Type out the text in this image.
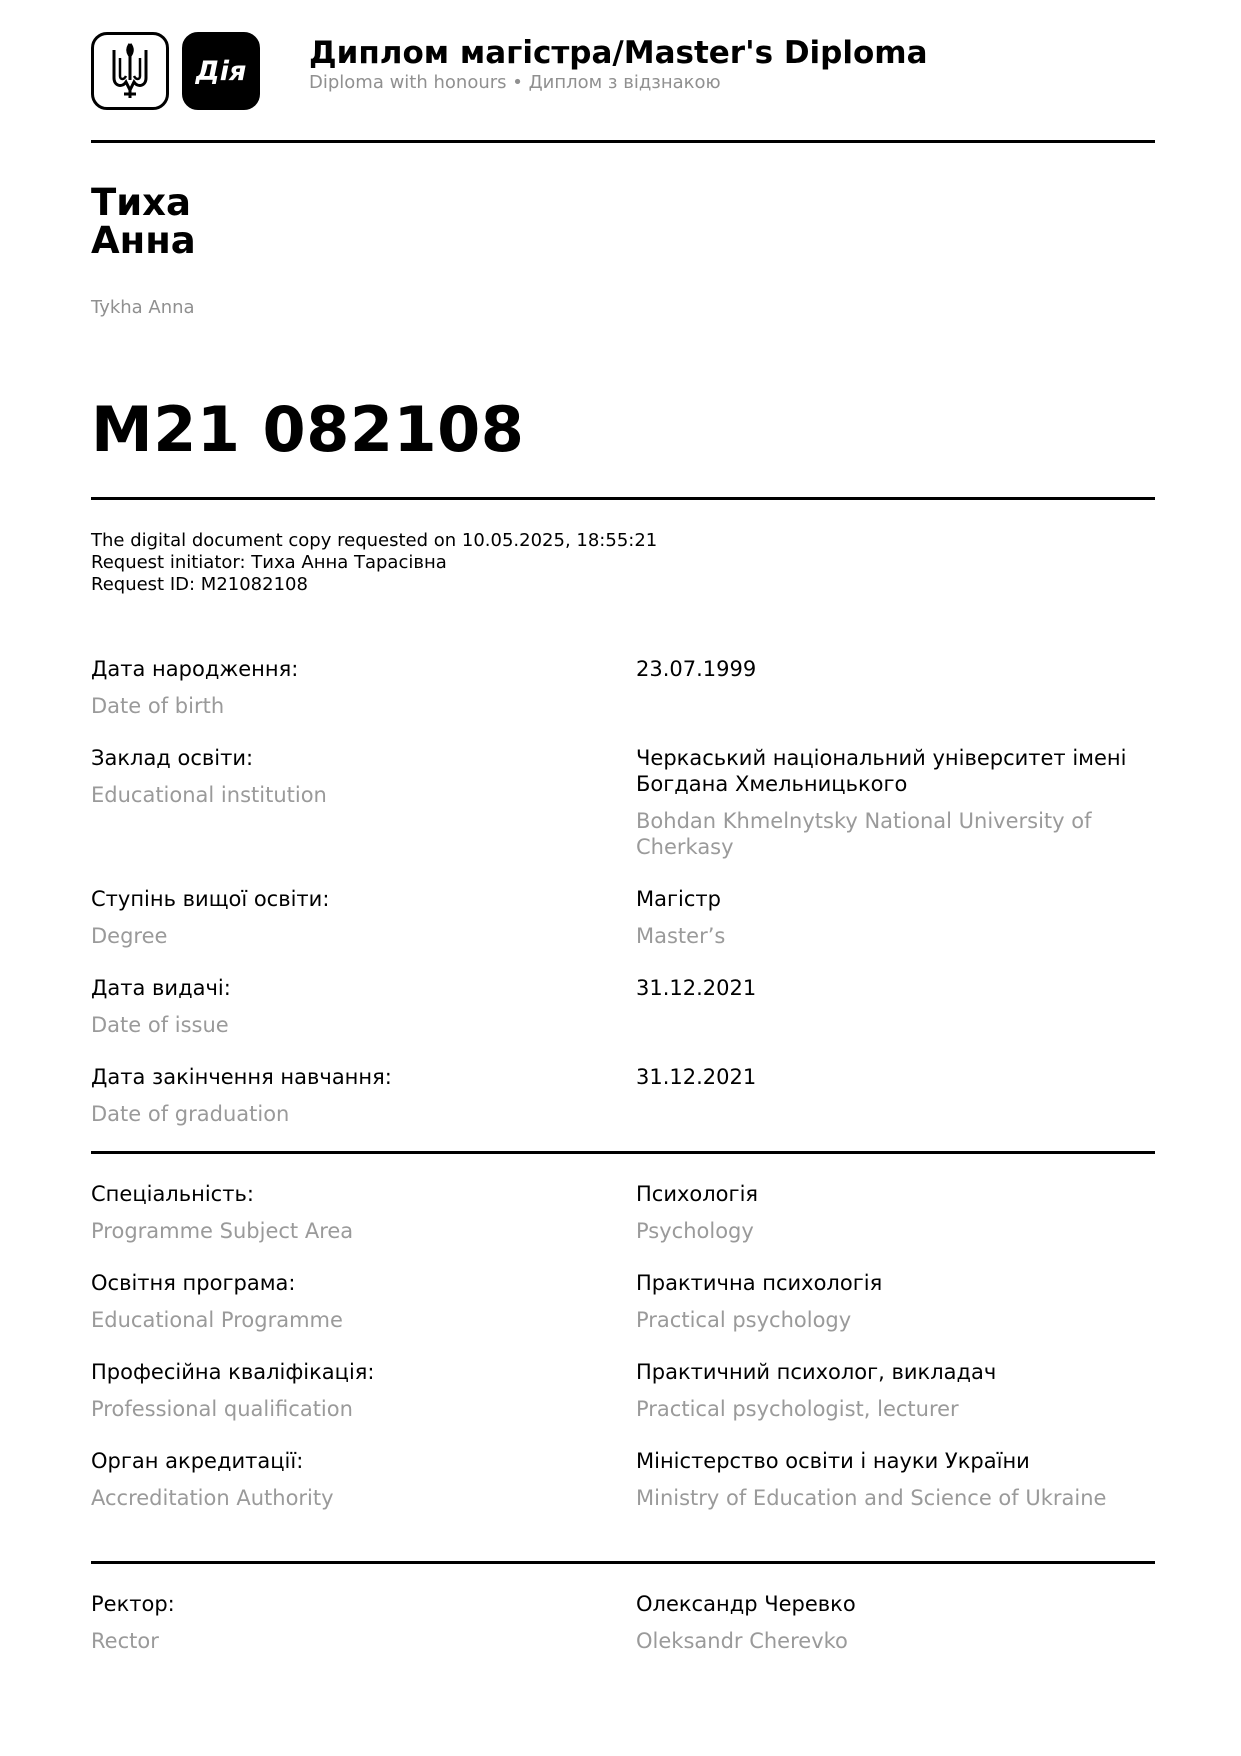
Дія Диплом магістра/Master's Diploma
Diploma with honours • Диплом з відзнакою
Тиха
Анна
Tykha Anna
М21 082108
The digital document copy requested on 10.05.2025, 18:55:21
Request initiator: Тиха Анна Тарасівна
Request ID: M21082108
Дата народження:
Date of birth
23.07.1999
Заклад освіти:
Educational institution
Черкаський національний університет імені Богдана Хмельницького
Bohdan Khmelnytsky National University of Cherkasy
Ступінь вищої освіти:
Degree
Магістр
Master’s
Дата видачі:
Date of issue
31.12.2021
Дата закінчення навчання:
Date of graduation
31.12.2021
Спеціальність:
Programme Subject Area
Психологія
Psychology
Освітня програма:
Educational Programme
Практична психологія
Practical psychology
Професійна кваліфікація:
Professional qualification
Практичний психолог, викладач
Practical psychologist, lecturer
Орган акредитації:
Accreditation Authority
Міністерство освіти і науки України
Ministry of Education and Science of Ukraine
Ректор:
Rector
Олександр Черевко
Oleksandr Cherevko
